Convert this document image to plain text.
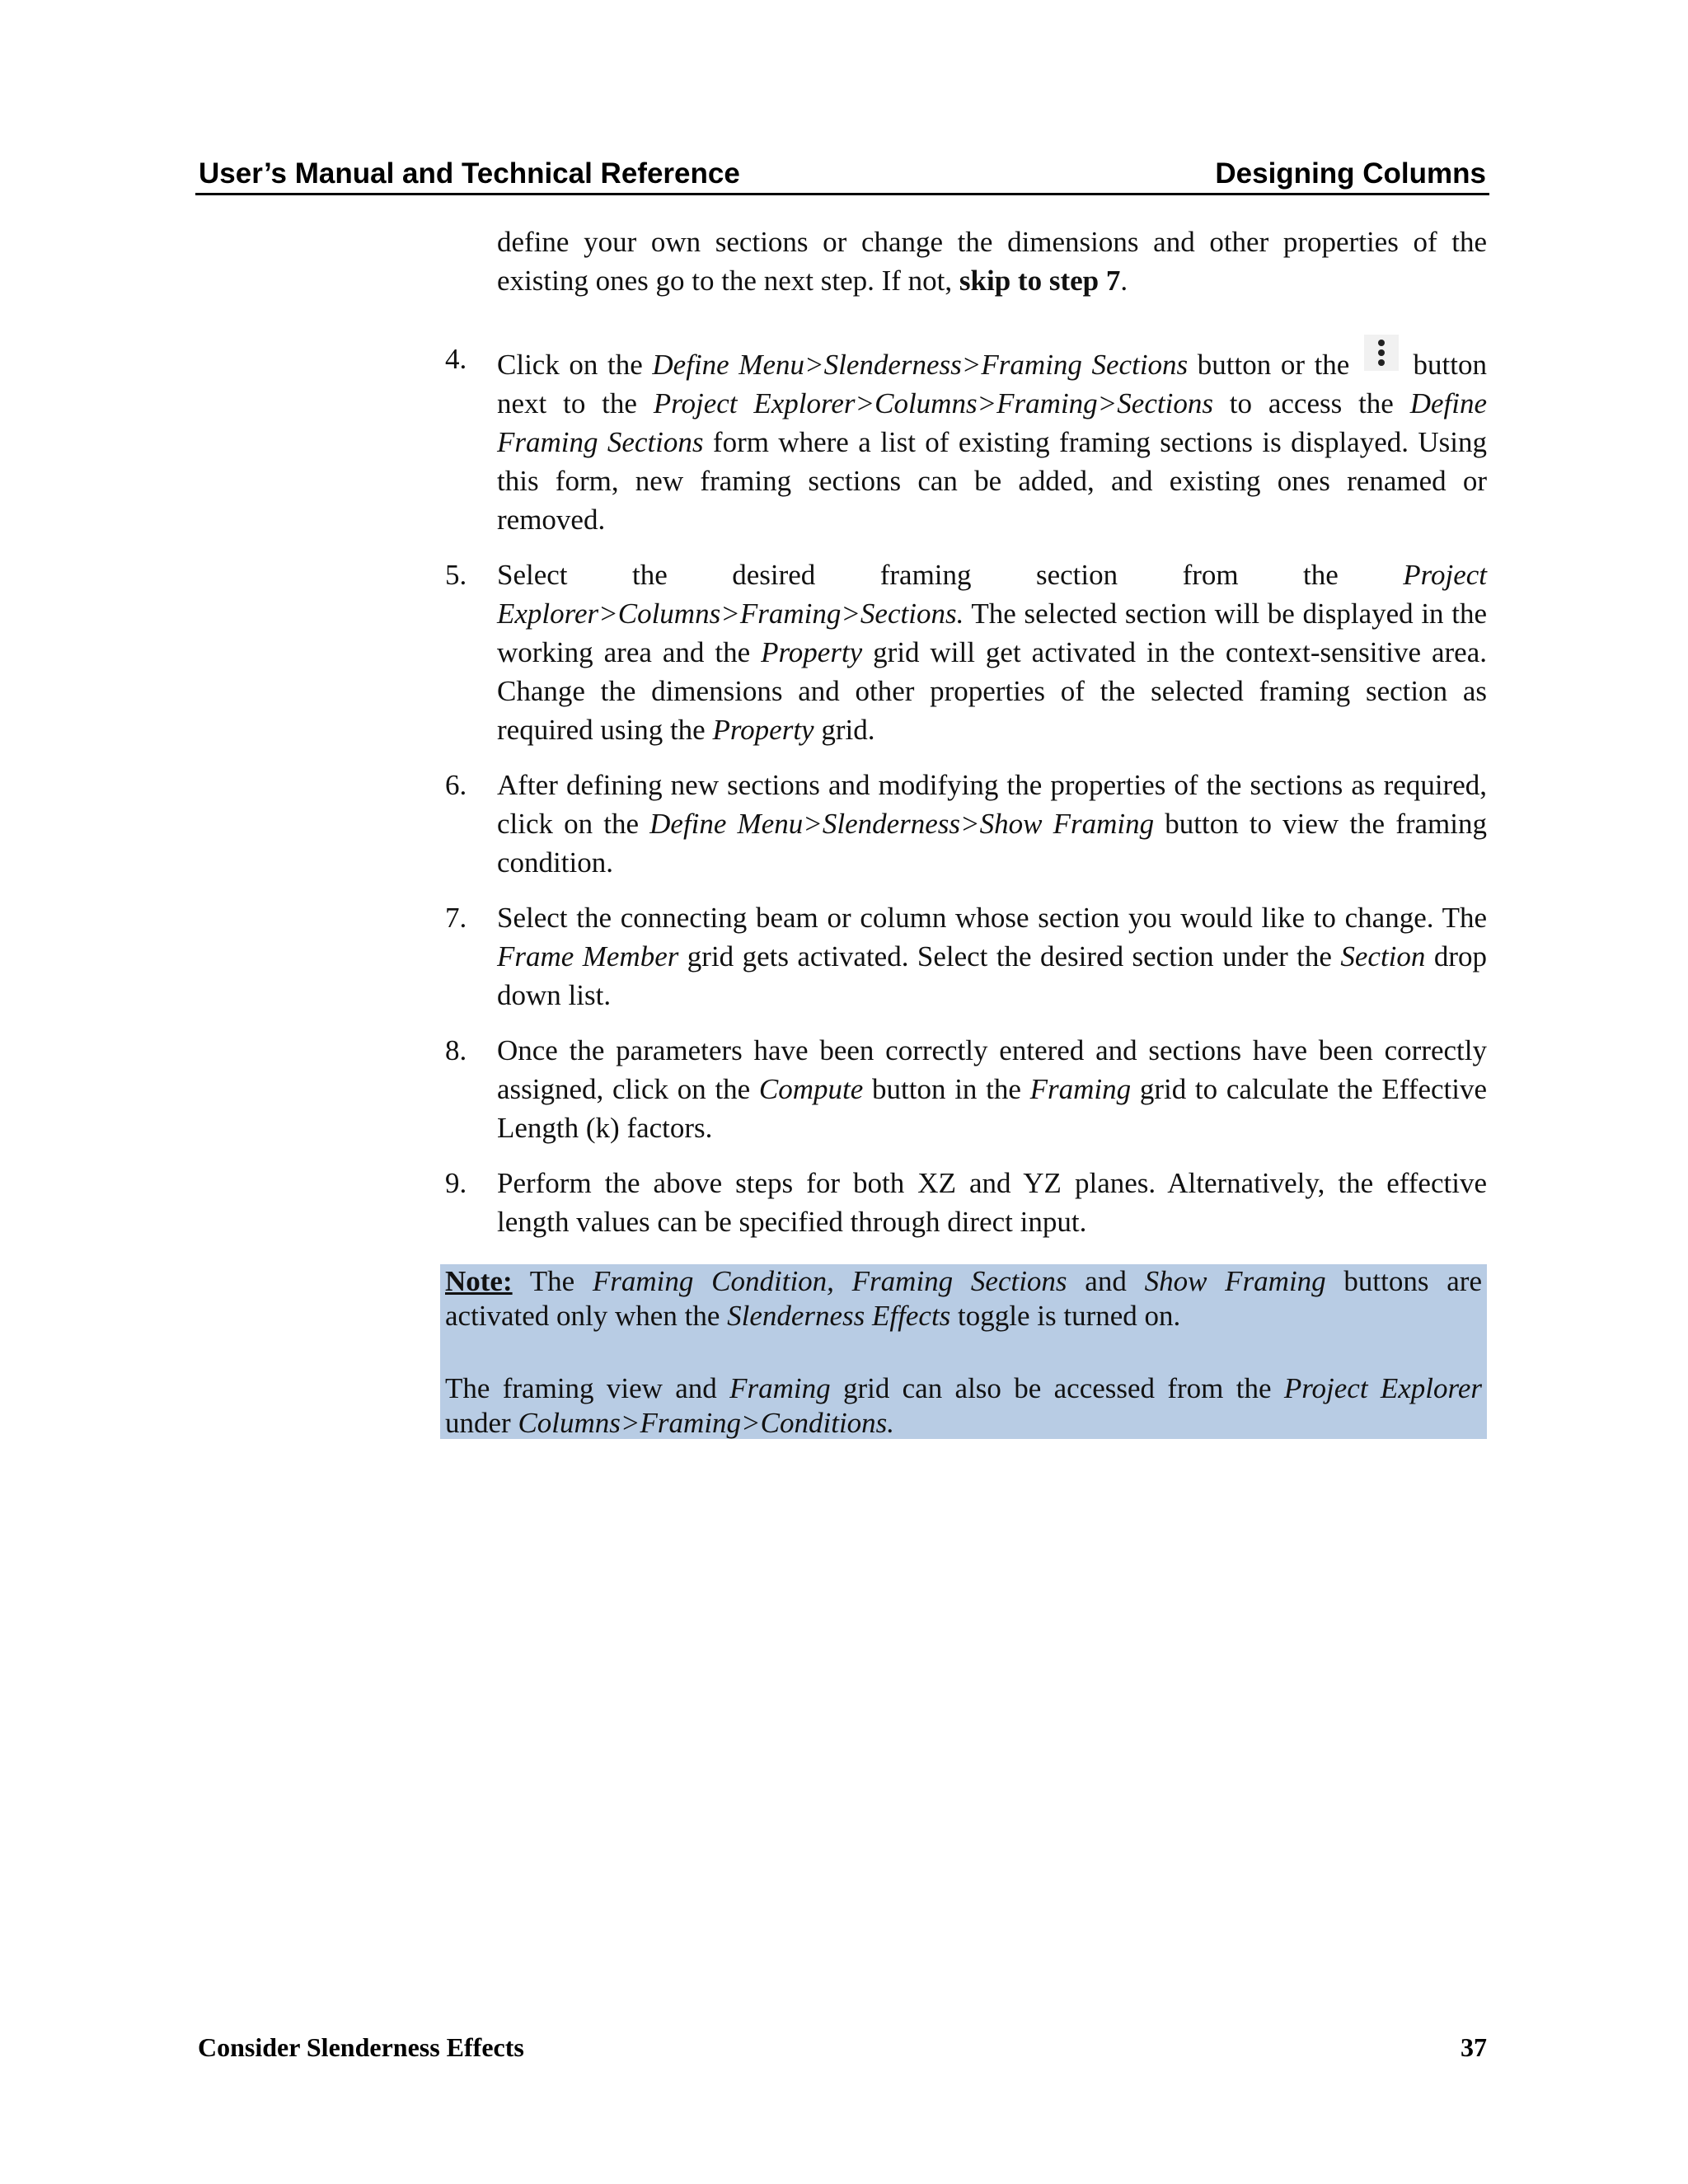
User’s Manual and Technical Reference	Designing Columns
define your own sections or change the dimensions and other properties of the existing ones go to the next step. If not, skip to step 7.
4. Click on the Define Menu>Slenderness>Framing Sections button or the
button next to the Project Explorer>Columns>Framing>Sections to access the Define Framing Sections form where a list of existing framing sections is displayed. Using this form, new framing sections can be added, and existing ones renamed or removed.
5. Select the desired framing section from the Project Explorer>Columns>Framing>Sections. The selected section will be displayed in the working area and the Property grid will get activated in the context-sensitive area. Change the dimensions and other properties of the selected framing section as required using the Property grid.
6. After defining new sections and modifying the properties of the sections as required, click on the Define Menu>Slenderness>Show Framing button to view the framing condition.
7. Select the connecting beam or column whose section you would like to change. The Frame Member grid gets activated. Select the desired section under the Section drop down list.
8. Once the parameters have been correctly entered and sections have been correctly assigned, click on the Compute button in the Framing grid to calculate the Effective Length (k) factors.
9. Perform the above steps for both XZ and YZ planes. Alternatively, the effective length values can be specified through direct input.

Note: The Framing Condition, Framing Sections and Show Framing buttons are activated only when the Slenderness Effects toggle is turned on.

The framing view and Framing grid can also be accessed from the Project Explorer under Columns>Framing>Conditions.

Consider Slenderness Effects	37
